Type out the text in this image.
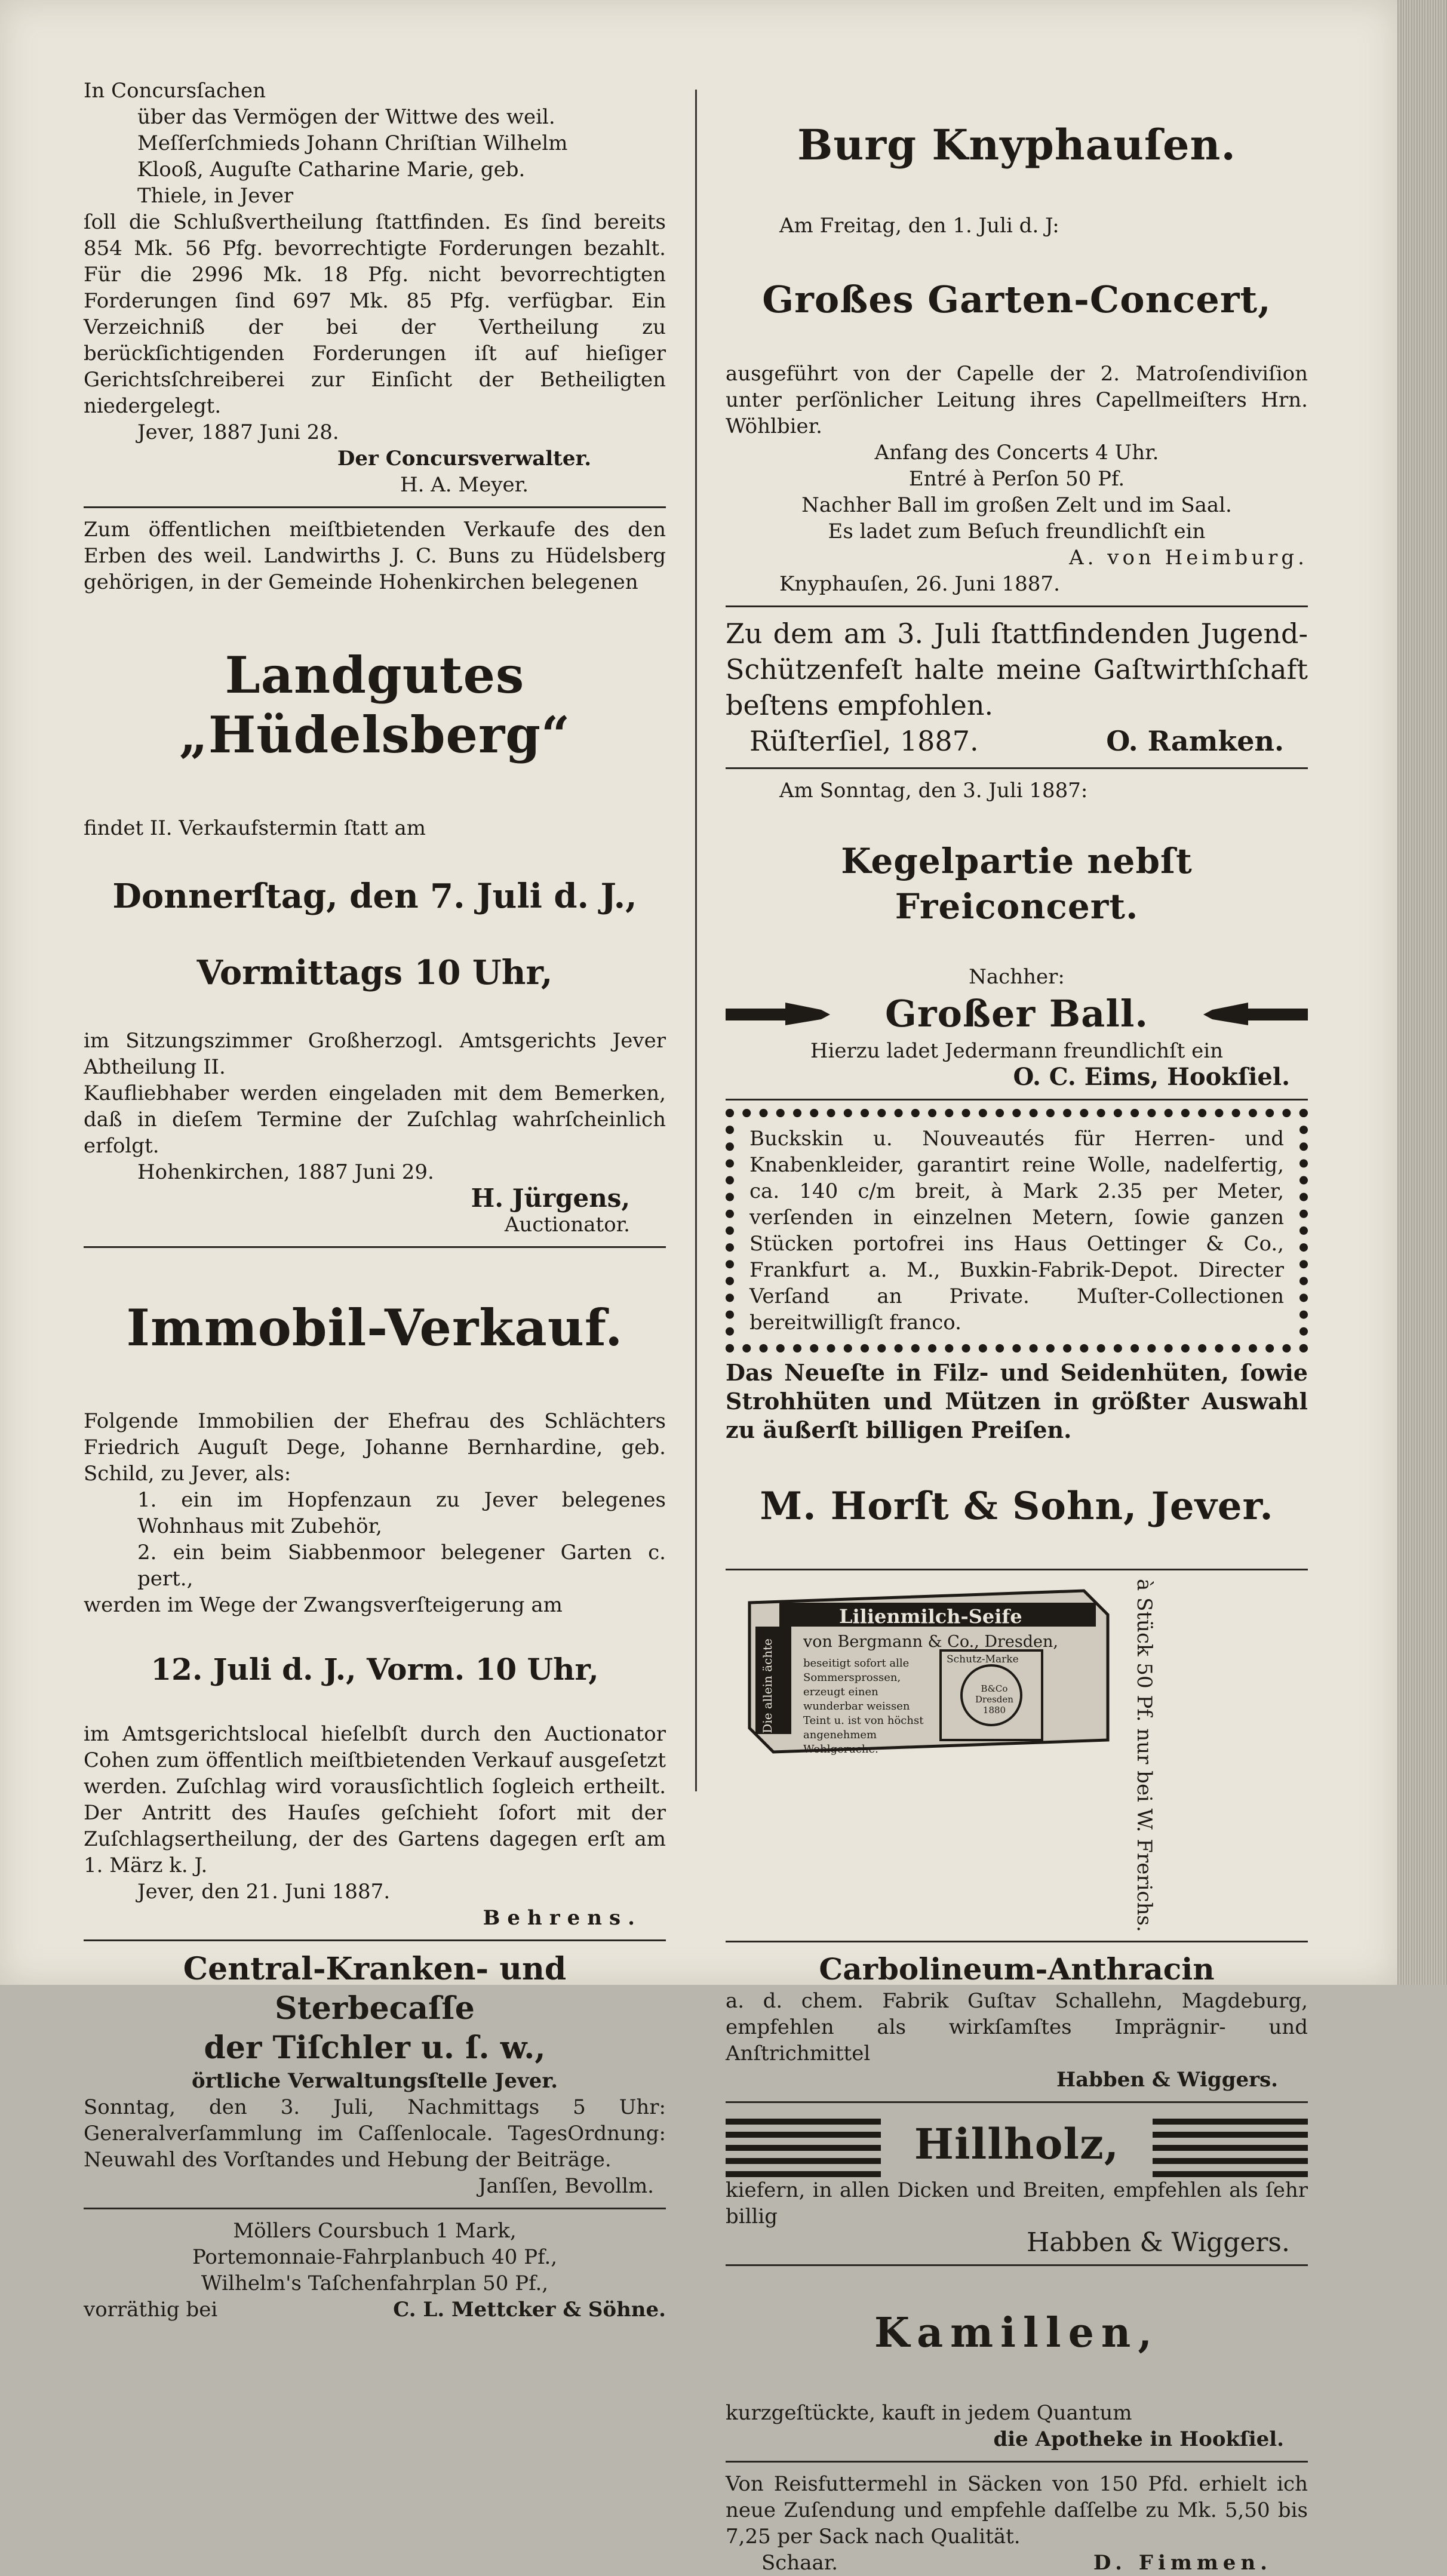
In Concursſachen

über das Vermögen der Wittwe des weil.

Meſſerſchmieds Johann Chriſtian Wilhelm

Klooß, Auguſte Catharine Marie, geb.

Thiele, in Jever

ſoll die Schlußvertheilung ſtattfinden. Es ſind bereits 854 Mk. 56 Pfg. bevorrechtigte Forderungen bezahlt. Für die 2996 Mk. 18 Pfg. nicht bevorrechtigten Forderungen ſind 697 Mk. 85 Pfg. verfügbar. Ein Verzeichniß der bei der Vertheilung zu berückſichtigenden Forderungen iſt auf hieſiger Gerichtsſchreiberei zur Einſicht der Betheiligten niedergelegt.

Jever, 1887 Juni 28.

Der Concursverwalter.

H. A. Meyer.

Zum öffentlichen meiſtbietenden Verkaufe des den Erben des weil. Landwirths J. C. Buns zu Hüdelsberg gehörigen, in der Gemeinde Hohenkirchen belegenen

Landgutes „Hüdelsberg“

findet II. Verkaufstermin ſtatt am

Donnerſtag, den 7. Juli d. J.,

Vormittags 10 Uhr,

im Sitzungszimmer Großherzogl. Amtsgerichts Jever Abtheilung II.

Kaufliebhaber werden eingeladen mit dem Bemerken, daß in dieſem Termine der Zuſchlag wahrſcheinlich erfolgt.

Hohenkirchen, 1887 Juni 29.

H. Jürgens,

Auctionator.

Immobil-Verkauf.

Folgende Immobilien der Ehefrau des Schlächters Friedrich Auguſt Dege, Johanne Bernhardine, geb. Schild, zu Jever, als:

1. ein im Hopfenzaun zu Jever belegenes Wohnhaus mit Zubehör,

2. ein beim Siabbenmoor belegener Garten c. pert.,

werden im Wege der Zwangsverſteigerung am

12. Juli d. J., Vorm. 10 Uhr,

im Amtsgerichtslocal hieſelbſt durch den Auctionator Cohen zum öffentlich meiſtbietenden Verkauf ausgeſetzt werden. Zuſchlag wird vorausſichtlich ſogleich ertheilt. Der Antritt des Hauſes geſchieht ſofort mit der Zuſchlagsertheilung, der des Gartens dagegen erſt am 1. März k. J.

Jever, den 21. Juni 1887.

Behrens.

Central-Kranken- und Sterbecaſſe

der Tiſchler u. ſ. w.,

örtliche Verwaltungsſtelle Jever.

Sonntag, den 3. Juli, Nachmittags 5 Uhr: Generalverſammlung im Caſſenlocale. TagesOrdnung: Neuwahl des Vorſtandes und Hebung der Beiträge.

Janſſen, Bevollm.

Möllers Coursbuch 1 Mark,

Portemonnaie-Fahrplanbuch 40 Pf.,

Wilhelm's Taſchenfahrplan 50 Pf.,

vorräthig bei	C. L. Mettcker & Söhne.

Burg Knyphauſen.

Am Freitag, den 1. Juli d. J:

Großes Garten-Concert,

ausgeführt von der Capelle der 2. Matroſendiviſion unter perſönlicher Leitung ihres Capellmeiſters Hrn. Wöhlbier.

Anfang des Concerts 4 Uhr.

Entré à Perſon 50 Pf.

Nachher Ball im großen Zelt und im Saal.

Es ladet zum Beſuch freundlichſt ein

A. von Heimburg.

Knyphauſen, 26. Juni 1887.

Zu dem am 3. Juli ſtattfindenden Jugend-Schützenfeſt halte meine Gaſtwirthſchaft beſtens empfohlen.

Rüſterſiel, 1887.	O. Ramken.

Am Sonntag, den 3. Juli 1887:

Kegelpartie nebſt Freiconcert.

Nachher:

Großer Ball.

Hierzu ladet Jedermann freundlichſt ein

O. C. Eims, Hookſiel.

Buckskin u. Nouveautés für Herren- und Knabenkleider, garantirt reine Wolle, nadelfertig, ca. 140 c/m breit, à Mark 2.35 per Meter, verſenden in einzelnen Metern, ſowie ganzen Stücken portofrei ins Haus Oettinger & Co., Frankfurt a. M., Buxkin-Fabrik-Depot. Directer Verſand an Private. Muſter-Collectionen bereitwilligſt franco.

Das Neueſte in Filz- und Seidenhüten, ſowie Strohhüten und Mützen in größter Auswahl zu äußerſt billigen Preiſen.

M. Horſt & Sohn, Jever.

Lilienmilch-Seife
von Bergmann & Co., Dresden,
beseitigt sofort alle Sommersprossen, erzeugt einen wunderbar weissen Teint u. ist von höchst angenehmem Wohlgeruche.
Schutz-Marke
B&Co Dresden 1880
Die allein ächte	à Stück 50 Pf. nur bei W. Frerichs.

Carbolineum-Anthracin

a. d. chem. Fabrik Guſtav Schallehn, Magdeburg, empfehlen als wirkſamſtes Imprägnir- und Anſtrichmittel

Habben & Wiggers.

Hillholz,

kiefern, in allen Dicken und Breiten, empfehlen als ſehr billig

Habben & Wiggers.

Kamillen,

kurzgeſtückte, kauft in jedem Quantum

die Apotheke in Hookſiel.

Von Reisfuttermehl in Säcken von 150 Pfd. erhielt ich neue Zuſendung und empfehle daſſelbe zu Mk. 5,50 bis 7,25 per Sack nach Qualität.

Schaar.	D. Fimmen.
